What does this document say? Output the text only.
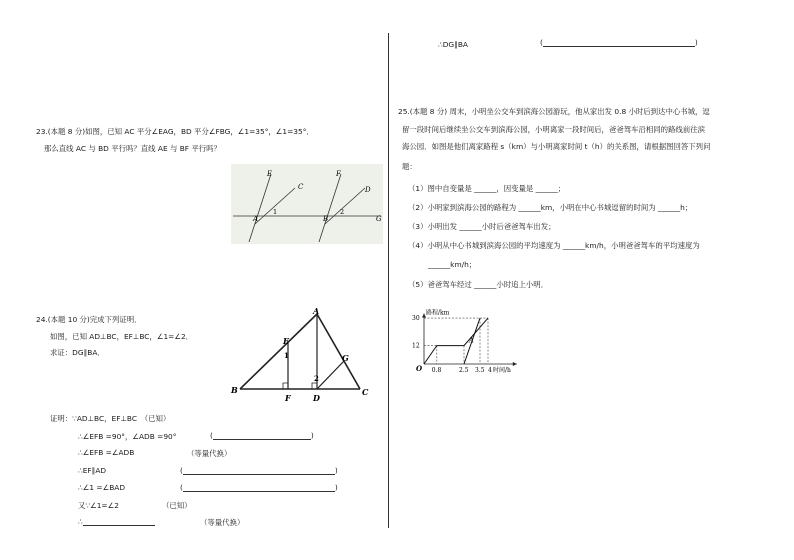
23.(本题 8 分)如图，已知 AC 平分∠EAG，BD 平分∠FBG，∠1=35°，∠1=35°．
那么直线 AC 与 BD 平行吗？直线 AE 与 BF 平行吗？
E
C
F
D
A
1
B
2
G
24.(本题 10 分)完成下列证明．
如图，已知 AD⊥BC，EF⊥BC，∠1=∠2．
求证：DG∥BA．
A
E
1	G
2
B
F	D
C
证明：∵AD⊥BC，EF⊥BC　（已知）
∴∠EFB =90°，∠ADB =90°	(	)
∴∠EFB =∠ADB	（等量代换）
∴EF∥AD	(	)
∴∠1 =∠BAD	(	)
又∵∠1=∠2	（已知）
∴	（等量代换）
∴DG∥BA	(	)
25.(本题 8 分) 周末，小明坐公交车到滨海公园游玩，他从家出发 0.8 小时后到达中心书城，逗
留一段时间后继续坐公交车到滨海公园，小明离家一段时间后，爸爸驾车沿相同的路线前往滨
海公园．如图是他们离家路程 s（km）与小明离家时间 t（h）的关系图，请根据图回答下列问
题：
（1）图中自变量是 ______，因变量是 ______；
（2）小明家到滨海公园的路程为 ______km，小明在中心书城逗留的时间为 ______h；
（3）小明出发 ______小时后爸爸驾车出发；
（4）小明从中心书城到滨海公园的平均速度为 ______km/h，小明爸爸驾车的平均速度为
______km/h；
（5）爸爸驾车经过 ______小时追上小明．
0.8	2.5 3.5 4
12
30
O
路程/km
时间/h
A
